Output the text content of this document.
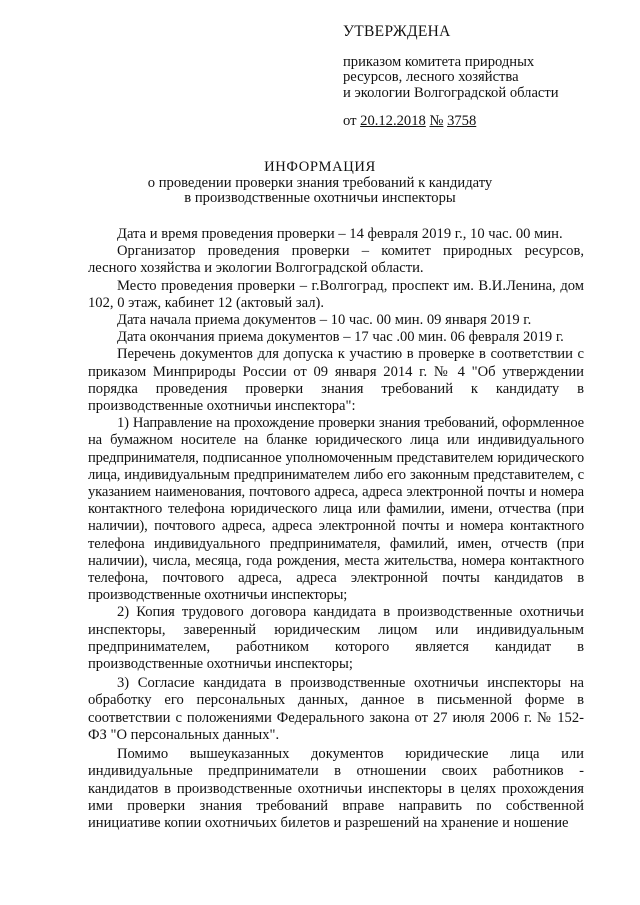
УТВЕРЖДЕНА
приказом комитета природных
ресурсов, лесного хозяйства
и экологии Волгоградской области
от 20.12.2018 № 3758
ИНФОРМАЦИЯ
о проведении проверки знания требований к кандидату
в производственные охотничьи инспекторы

Дата и время проведения проверки – 14 февраля 2019 г., 10 час. 00 мин.

Организатор проведения проверки – комитет природных ресурсов, лесного хозяйства и экологии Волгоградской области.

Место проведения проверки – г.Волгоград, проспект им. В.И.Ленина, дом 102, 0 этаж, кабинет 12 (актовый зал).

Дата начала приема документов – 10 час. 00 мин. 09 января 2019 г.

Дата окончания приема документов – 17 час .00 мин. 06 февраля 2019 г.

Перечень документов для допуска к участию в проверке в соответствии с приказом Минприроды России от 09 января 2014 г. № 4 "Об утверждении порядка проведения проверки знания требований к кандидату в производственные охотничьи инспектора":

1) Направление на прохождение проверки знания требований, оформленное на бумажном носителе на бланке юридического лица или индивидуального предпринимателя, подписанное уполномоченным представителем юридического лица, индивидуальным предпринимателем либо его законным представителем, с указанием наименования, почтового адреса, адреса электронной почты и номера контактного телефона юридического лица или фамилии, имени, отчества (при наличии), почтового адреса, адреса электронной почты и номера контактного телефона индивидуального предпринимателя, фамилий, имен, отчеств (при наличии), числа, месяца, года рождения, места жительства, номера контактного телефона, почтового адреса, адреса электронной почты кандидатов в производственные охотничьи инспекторы;

2) Копия трудового договора кандидата в производственные охотничьи инспекторы, заверенный юридическим лицом или индивидуальным предпринимателем, работником которого является кандидат в производственные охотничьи инспекторы;

3) Согласие кандидата в производственные охотничьи инспекторы на обработку его персональных данных, данное в письменной форме в соответствии с положениями Федерального закона от 27 июля 2006 г. № 152-ФЗ "О персональных данных".

Помимо вышеуказанных документов юридические лица или индивидуальные предприниматели в отношении своих работников - кандидатов в производственные охотничьи инспекторы в целях прохождения ими проверки знания требований вправе направить по собственной инициативе копии охотничьих билетов и разрешений на хранение и ношение
